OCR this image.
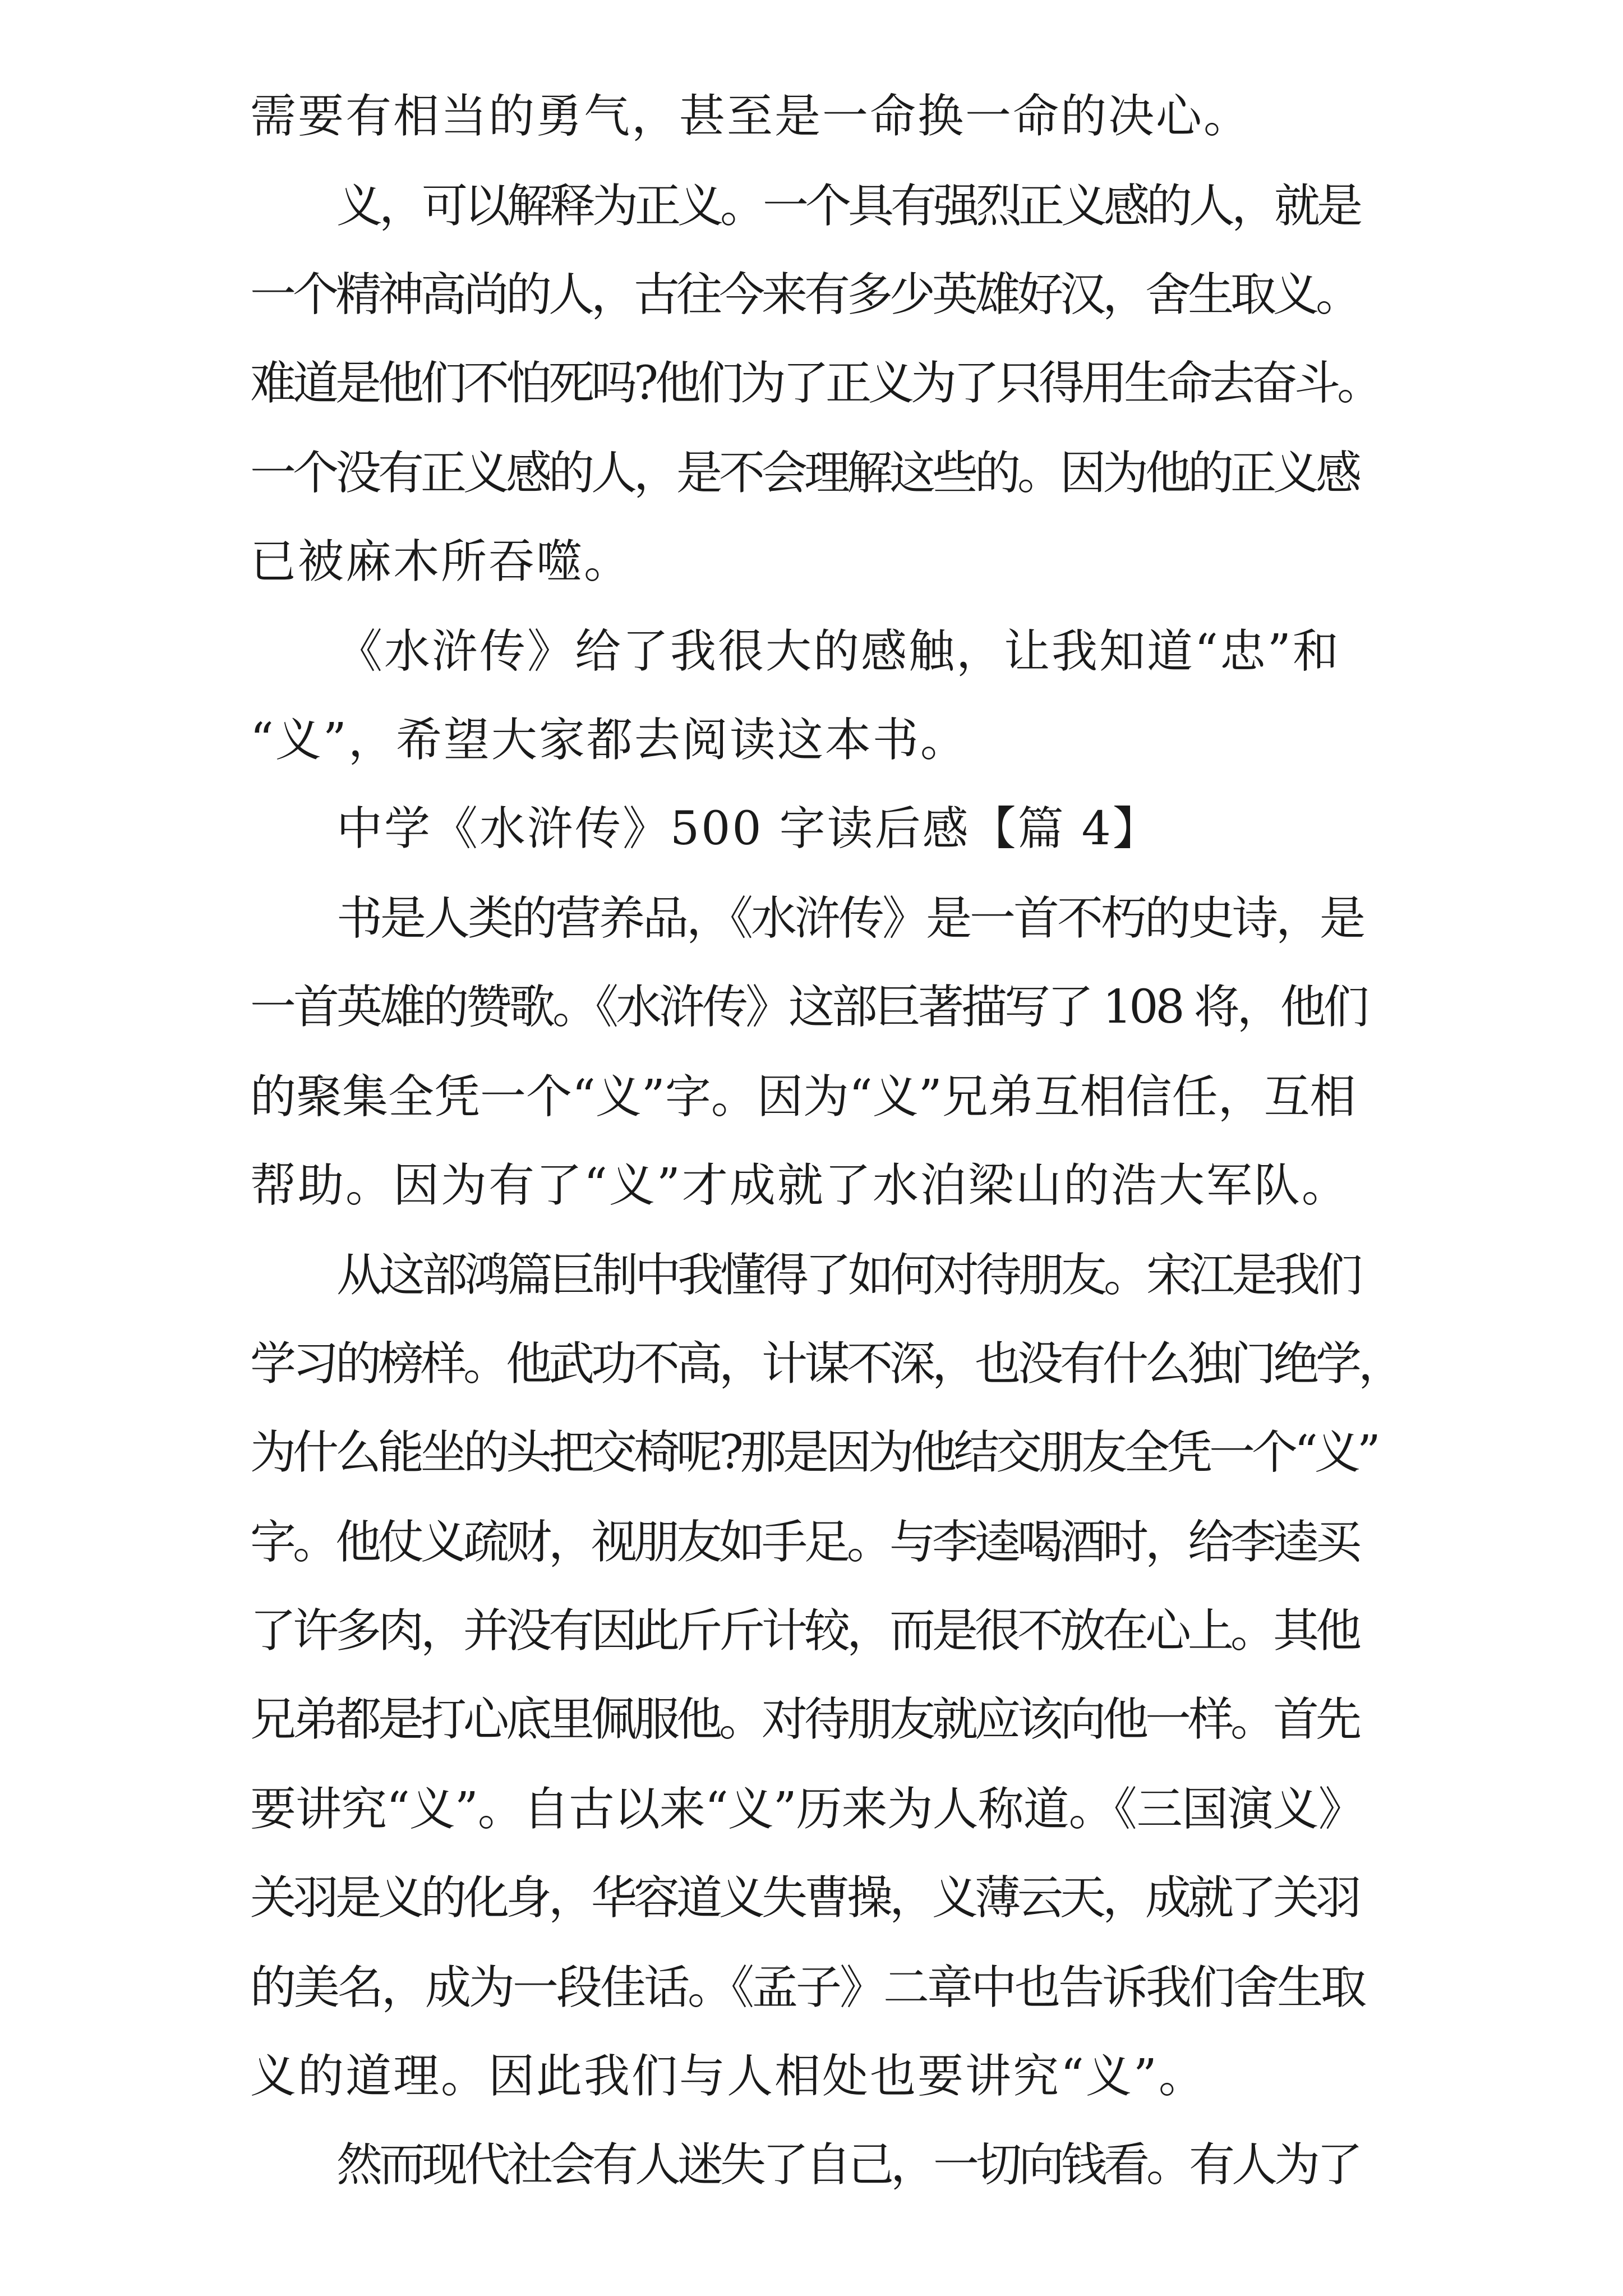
需要有相当的勇气，甚至是一命换一命的决心。
义，可以解释为正义。一个具有强烈正义感的人，就是
一个精神高尚的人，古往今来有多少英雄好汉，舍生取义。
难道是他们不怕死吗?他们为了正义为了只得用生命去奋斗。
一个没有正义感的人，是不会理解这些的。因为他的正义感
已被麻木所吞噬。
《水浒传》给了我很大的感触，让我知道“忠”和
“义”，希望大家都去阅读这本书。
中学《水浒传》500 字读后感【篇 4】
书是人类的营养品，《水浒传》是一首不朽的史诗，是
一首英雄的赞歌。《水浒传》这部巨著描写了 108 将，他们
的聚集全凭一个“义”字。因为“义”兄弟互相信任，互相
帮助。因为有了“义”才成就了水泊梁山的浩大军队。
从这部鸿篇巨制中我懂得了如何对待朋友。宋江是我们
学习的榜样。他武功不高，计谋不深，也没有什么独门绝学，
为什么能坐的头把交椅呢?那是因为他结交朋友全凭一个“义”
字。他仗义疏财，视朋友如手足。与李逵喝酒时，给李逵买
了许多肉，并没有因此斤斤计较，而是很不放在心上。其他
兄弟都是打心底里佩服他。对待朋友就应该向他一样。首先
要讲究“义”。自古以来“义”历来为人称道。《三国演义》
关羽是义的化身，华容道义失曹操，义薄云天，成就了关羽
的美名，成为一段佳话。《孟子》二章中也告诉我们舍生取
义的道理。因此我们与人相处也要讲究“义”。
然而现代社会有人迷失了自己，一切向钱看。有人为了
